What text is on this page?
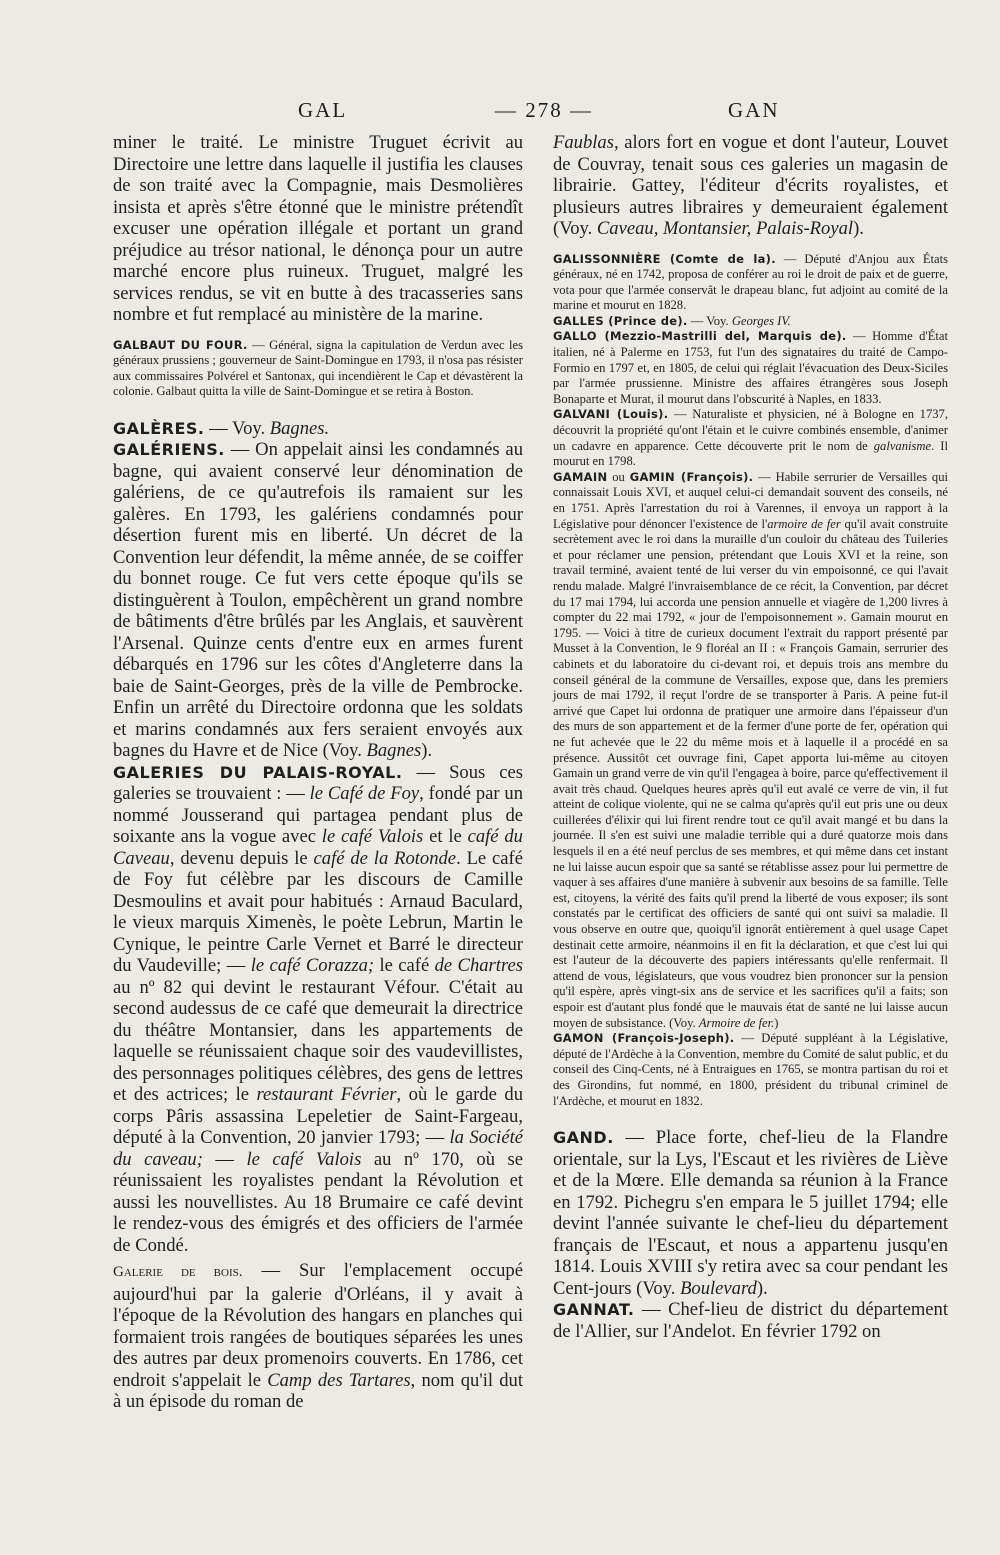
GAL	— 278 —	GAN

miner le traité. Le ministre Truguet écrivit au Directoire une lettre dans laquelle il justifia les clauses de son traité avec la Compagnie, mais Desmolières insista et après s'être étonné que le ministre prétendît excuser une opération illégale et portant un grand préjudice au trésor national, le dénonça pour un autre marché encore plus ruineux. Truguet, malgré les services rendus, se vit en butte à des tracasseries sans nombre et fut remplacé au ministère de la marine.

GALBAUT DU FOUR. — Général, signa la capitulation de Verdun avec les généraux prussiens ; gouverneur de Saint-Domingue en 1793, il n'osa pas résister aux commissaires Polvérel et Santonax, qui incendièrent le Cap et dévastèrent la colonie. Galbaut quitta la ville de Saint-Domingue et se retira à Boston.

GALÈRES. — Voy. Bagnes.

GALÉRIENS. — On appelait ainsi les condamnés au bagne, qui avaient conservé leur dénomination de galériens, de ce qu'autrefois ils ramaient sur les galères. En 1793, les galériens condamnés pour désertion furent mis en liberté. Un décret de la Convention leur défendit, la même année, de se coiffer du bonnet rouge. Ce fut vers cette époque qu'ils se distinguèrent à Toulon, empêchèrent un grand nombre de bâtiments d'être brûlés par les Anglais, et sauvèrent l'Arsenal. Quinze cents d'entre eux en armes furent débarqués en 1796 sur les côtes d'Angleterre dans la baie de Saint-Georges, près de la ville de Pembrocke. Enfin un arrêté du Directoire ordonna que les soldats et marins condamnés aux fers seraient envoyés aux bagnes du Havre et de Nice (Voy. Bagnes).

GALERIES DU PALAIS-ROYAL. — Sous ces galeries se trouvaient : — le Café de Foy, fondé par un nommé Jousserand qui partagea pendant plus de soixante ans la vogue avec le café Valois et le café du Caveau, devenu depuis le café de la Rotonde. Le café de Foy fut célèbre par les discours de Camille Desmoulins et avait pour habitués : Arnaud Baculard, le vieux marquis Ximenès, le poète Lebrun, Martin le Cynique, le peintre Carle Vernet et Barré le directeur du Vaudeville; — le café Corazza; le café de Chartres au nº 82 qui devint le restaurant Véfour. C'était au second audessus de ce café que demeurait la directrice du théâtre Montansier, dans les appartements de laquelle se réunissaient chaque soir des vaudevillistes, des personnages politiques célèbres, des gens de lettres et des actrices; le restaurant Février, où le garde du corps Pâris assassina Lepeletier de Saint-Fargeau, député à la Convention, 20 janvier 1793; — la Société du caveau; — le café Valois au nº 170, où se réunissaient les royalistes pendant la Révolution et aussi les nouvellistes. Au 18 Brumaire ce café devint le rendez-vous des émigrés et des officiers de l'armée de Condé.

Galerie de bois. — Sur l'emplacement occupé aujourd'hui par la galerie d'Orléans, il y avait à l'époque de la Révolution des hangars en planches qui formaient trois rangées de boutiques séparées les unes des autres par deux promenoirs couverts. En 1786, cet endroit s'appelait le Camp des Tartares, nom qu'il dut à un épisode du roman de

Faublas, alors fort en vogue et dont l'auteur, Louvet de Couvray, tenait sous ces galeries un magasin de librairie. Gattey, l'éditeur d'écrits royalistes, et plusieurs autres libraires y demeuraient également (Voy. Caveau, Montansier, Palais-Royal).

GALISSONNIÈRE (Comte de la). — Député d'Anjou aux États généraux, né en 1742, proposa de conférer au roi le droit de paix et de guerre, vota pour que l'armée conservât le drapeau blanc, fut adjoint au comité de la marine et mourut en 1828.

GALLES (Prince de). — Voy. Georges IV.

GALLO (Mezzio-Mastrilli del, Marquis de). — Homme d'État italien, né à Palerme en 1753, fut l'un des signataires du traité de Campo-Formio en 1797 et, en 1805, de celui qui réglait l'évacuation des Deux-Siciles par l'armée prussienne. Ministre des affaires étrangères sous Joseph Bonaparte et Murat, il mourut dans l'obscurité à Naples, en 1833.

GALVANI (Louis). — Naturaliste et physicien, né à Bologne en 1737, découvrit la propriété qu'ont l'étain et le cuivre combinés ensemble, d'animer un cadavre en apparence. Cette découverte prit le nom de galvanisme. Il mourut en 1798.

GAMAIN ou GAMIN (François). — Habile serrurier de Versailles qui connaissait Louis XVI, et auquel celui-ci demandait souvent des conseils, né en 1751. Après l'arrestation du roi à Varennes, il envoya un rapport à la Législative pour dénoncer l'existence de l'armoire de fer qu'il avait construite secrètement avec le roi dans la muraille d'un couloir du château des Tuileries et pour réclamer une pension, prétendant que Louis XVI et la reine, son travail terminé, avaient tenté de lui verser du vin empoisonné, ce qui l'avait rendu malade. Malgré l'invraisemblance de ce récit, la Convention, par décret du 17 mai 1794, lui accorda une pension annuelle et viagère de 1,200 livres à compter du 22 mai 1792, « jour de l'empoisonnement ». Gamain mourut en 1795. — Voici à titre de curieux document l'extrait du rapport présenté par Musset à la Convention, le 9 floréal an II : « François Gamain, serrurier des cabinets et du laboratoire du ci-devant roi, et depuis trois ans membre du conseil général de la commune de Versailles, expose que, dans les premiers jours de mai 1792, il reçut l'ordre de se transporter à Paris. A peine fut-il arrivé que Capet lui ordonna de pratiquer une armoire dans l'épaisseur d'un des murs de son appartement et de la fermer d'une porte de fer, opération qui ne fut achevée que le 22 du même mois et à laquelle il a procédé en sa présence. Aussitôt cet ouvrage fini, Capet apporta lui-même au citoyen Gamain un grand verre de vin qu'il l'engagea à boire, parce qu'effectivement il avait très chaud. Quelques heures après qu'il eut avalé ce verre de vin, il fut atteint de colique violente, qui ne se calma qu'après qu'il eut pris une ou deux cuillerées d'élixir qui lui firent rendre tout ce qu'il avait mangé et bu dans la journée. Il s'en est suivi une maladie terrible qui a duré quatorze mois dans lesquels il en a été neuf perclus de ses membres, et qui même dans cet instant ne lui laisse aucun espoir que sa santé se rétablisse assez pour lui permettre de vaquer à ses affaires d'une manière à subvenir aux besoins de sa famille. Telle est, citoyens, la vérité des faits qu'il prend la liberté de vous exposer; ils sont constatés par le certificat des officiers de santé qui ont suivi sa maladie. Il vous observe en outre que, quoiqu'il ignorât entièrement à quel usage Capet destinait cette armoire, néanmoins il en fit la déclaration, et que c'est lui qui est l'auteur de la découverte des papiers intéressants qu'elle renfermait. Il attend de vous, législateurs, que vous voudrez bien prononcer sur la pension qu'il espère, après vingt-six ans de service et les sacrifices qu'il a faits; son espoir est d'autant plus fondé que le mauvais état de santé ne lui laisse aucun moyen de subsistance. (Voy. Armoire de fer.)

GAMON (François-Joseph). — Député suppléant à la Législative, député de l'Ardèche à la Convention, membre du Comité de salut public, et du conseil des Cinq-Cents, né à Entraigues en 1765, se montra partisan du roi et des Girondins, fut nommé, en 1800, président du tribunal criminel de l'Ardèche, et mourut en 1832.

GAND. — Place forte, chef-lieu de la Flandre orientale, sur la Lys, l'Escaut et les rivières de Liève et de la Mœre. Elle demanda sa réunion à la France en 1792. Pichegru s'en empara le 5 juillet 1794; elle devint l'année suivante le chef-lieu du département français de l'Escaut, et nous a appartenu jusqu'en 1814. Louis XVIII s'y retira avec sa cour pendant les Cent-jours (Voy. Boulevard).

GANNAT. — Chef-lieu de district du département de l'Allier, sur l'Andelot. En février 1792 on
